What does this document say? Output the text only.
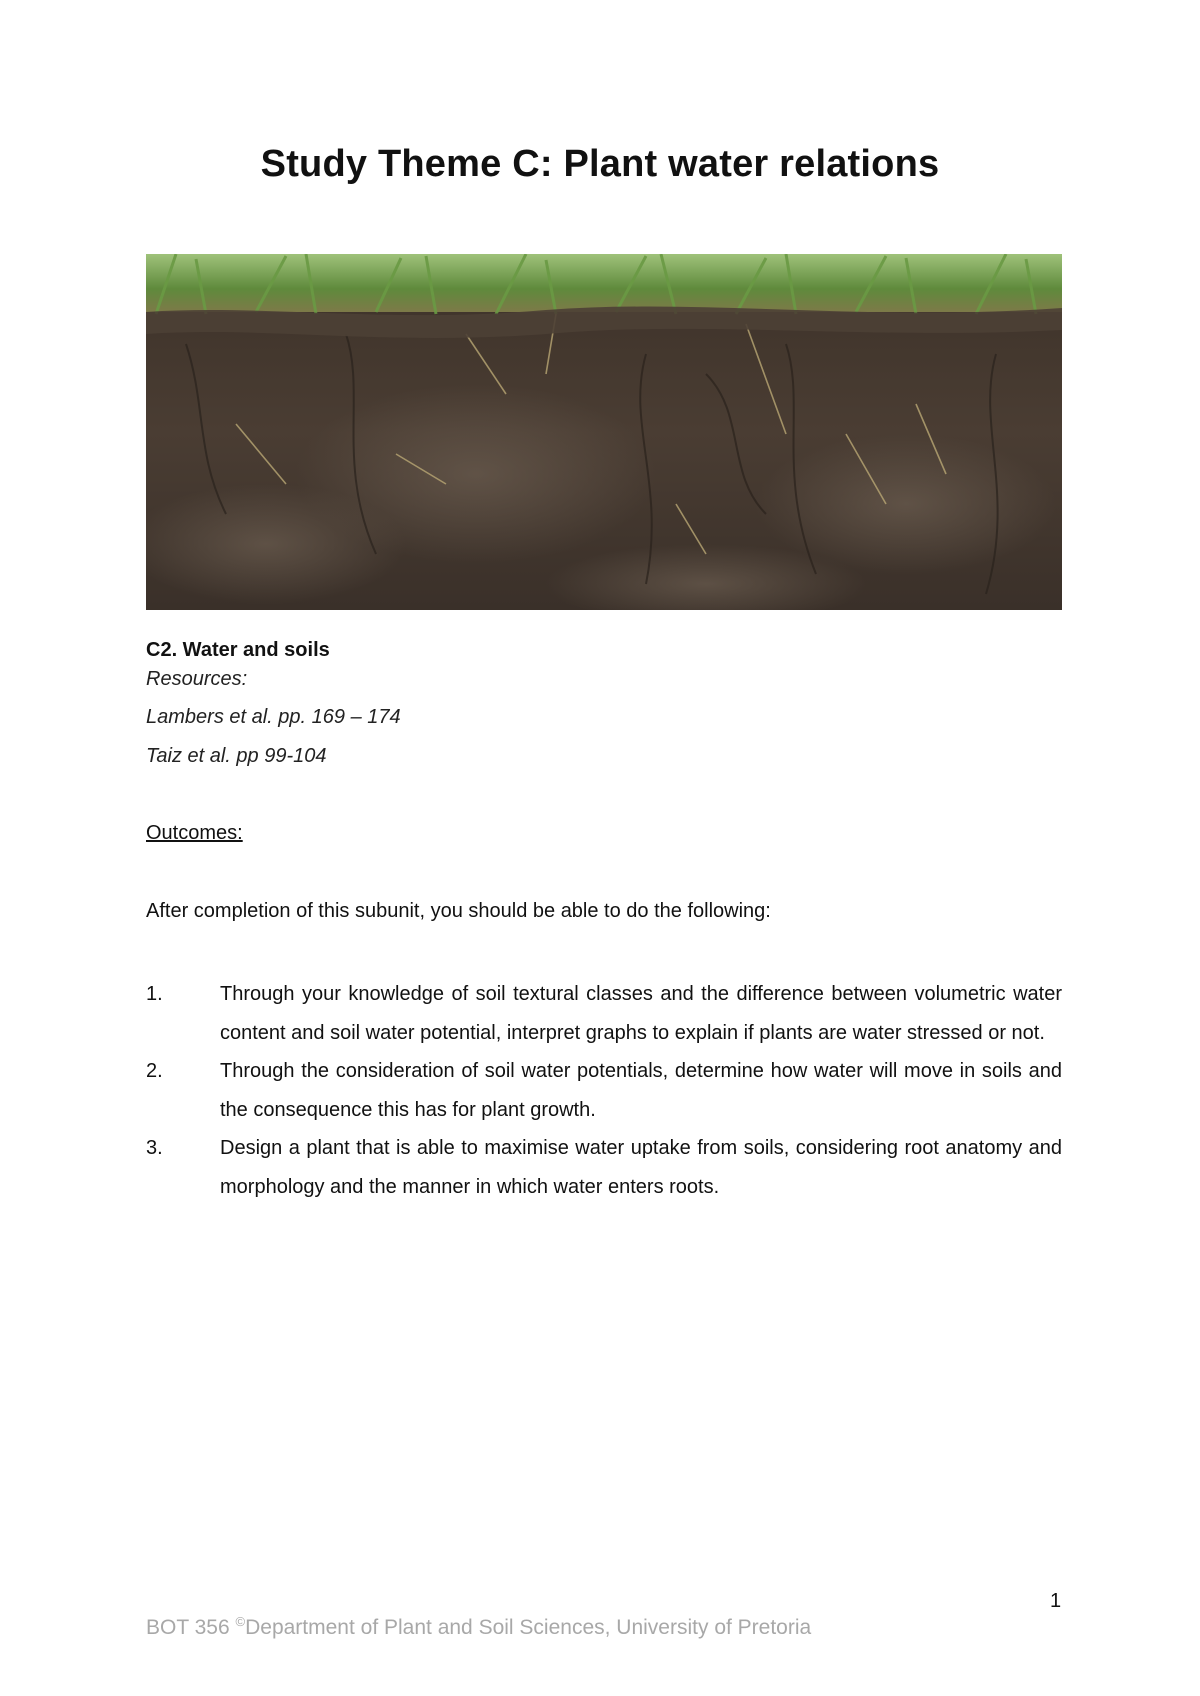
Study Theme C: Plant water relations
C2. Water and soils
Resources:
Lambers et al. pp. 169 – 174
Taiz et al. pp 99-104
Outcomes:
After completion of this subunit, you should be able to do the following:
1.	Through your knowledge of soil textural classes and the difference between volumetric water content and soil water potential, interpret graphs to explain if plants are water stressed or not.
2.	Through the consideration of soil water potentials, determine how water will move in soils and the consequence this has for plant growth.
3.	Design a plant that is able to maximise water uptake from soils, considering root anatomy and morphology and the manner in which water enters roots.
1
BOT 356 ©Department of Plant and Soil Sciences, University of Pretoria
